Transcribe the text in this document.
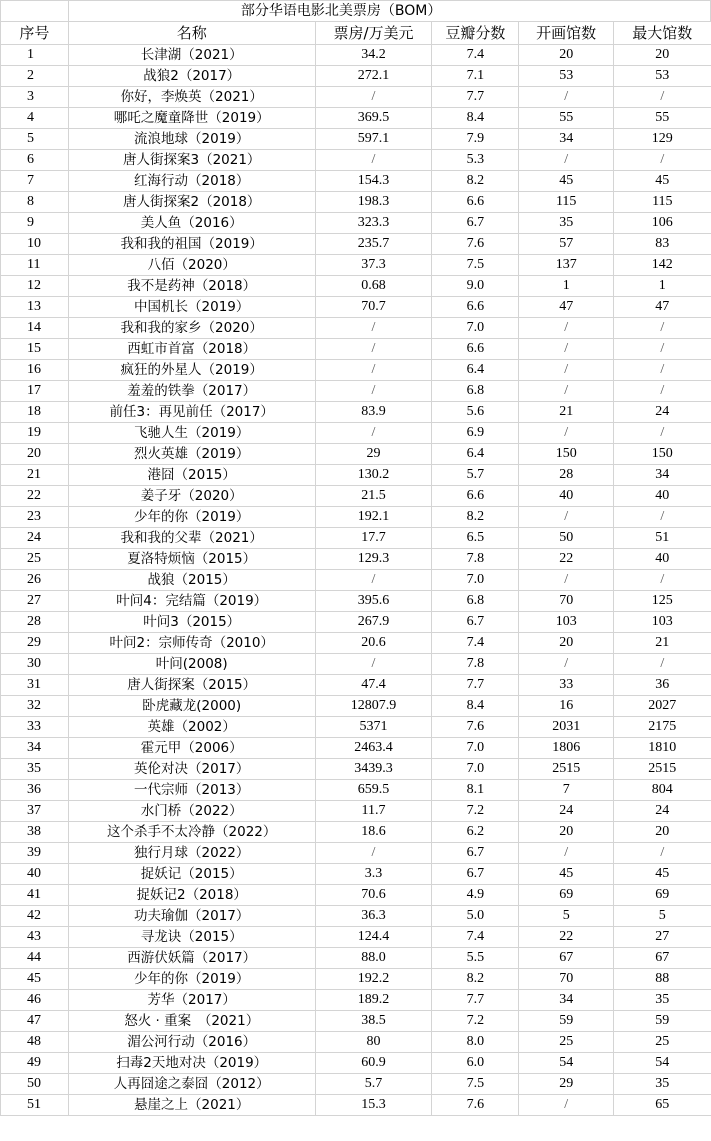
	部分华语电影北美票房（BOM）				
序号	名称	票房/万美元	豆瓣分数	开画馆数	最大馆数
1	长津湖（2021）	34.2	7.4	20	20
2	战狼2（2017）	272.1	7.1	53	53
3	你好，李焕英（2021）	/	7.7	/	/
4	哪吒之魔童降世（2019）	369.5	8.4	55	55
5	流浪地球（2019）	597.1	7.9	34	129
6	唐人街探案3（2021）	/	5.3	/	/
7	红海行动（2018）	154.3	8.2	45	45
8	唐人街探案2（2018）	198.3	6.6	115	115
9	美人鱼（2016）	323.3	6.7	35	106
10	我和我的祖国（2019）	235.7	7.6	57	83
11	八佰（2020）	37.3	7.5	137	142
12	我不是药神（2018）	0.68	9.0	1	1
13	中国机长（2019）	70.7	6.6	47	47
14	我和我的家乡（2020）	/	7.0	/	/
15	西虹市首富（2018）	/	6.6	/	/
16	疯狂的外星人（2019）	/	6.4	/	/
17	羞羞的铁拳（2017）	/	6.8	/	/
18	前任3：再见前任（2017）	83.9	5.6	21	24
19	飞驰人生（2019）	/	6.9	/	/
20	烈火英雄（2019）	29	6.4	150	150
21	港囧（2015）	130.2	5.7	28	34
22	姜子牙（2020）	21.5	6.6	40	40
23	少年的你（2019）	192.1	8.2	/	/
24	我和我的父辈（2021）	17.7	6.5	50	51
25	夏洛特烦恼（2015）	129.3	7.8	22	40
26	战狼（2015）	/	7.0	/	/
27	叶问4：完结篇（2019）	395.6	6.8	70	125
28	叶问3（2015）	267.9	6.7	103	103
29	叶问2：宗师传奇（2010）	20.6	7.4	20	21
30	叶问(2008)	/	7.8	/	/
31	唐人街探案（2015）	47.4	7.7	33	36
32	卧虎藏龙(2000)	12807.9	8.4	16	2027
33	英雄（2002）	5371	7.6	2031	2175
34	霍元甲（2006）	2463.4	7.0	1806	1810
35	英伦对决（2017）	3439.3	7.0	2515	2515
36	一代宗师（2013）	659.5	8.1	7	804
37	水门桥（2022）	11.7	7.2	24	24
38	这个杀手不太冷静（2022）	18.6	6.2	20	20
39	独行月球（2022）	/	6.7	/	/
40	捉妖记（2015）	3.3	6.7	45	45
41	捉妖记2（2018）	70.6	4.9	69	69
42	功夫瑜伽（2017）	36.3	5.0	5	5
43	寻龙诀（2015）	124.4	7.4	22	27
44	西游伏妖篇（2017）	88.0	5.5	67	67
45	少年的你（2019）	192.2	8.2	70	88
46	芳华（2017）	189.2	7.7	34	35
47	怒火 · 重案　（2021）	38.5	7.2	59	59
48	湄公河行动（2016）	80	8.0	25	25
49	扫毒2天地对决（2019）	60.9	6.0	54	54
50	人再囧途之泰囧（2012）	5.7	7.5	29	35
51	悬崖之上（2021）	15.3	7.6	/	65
